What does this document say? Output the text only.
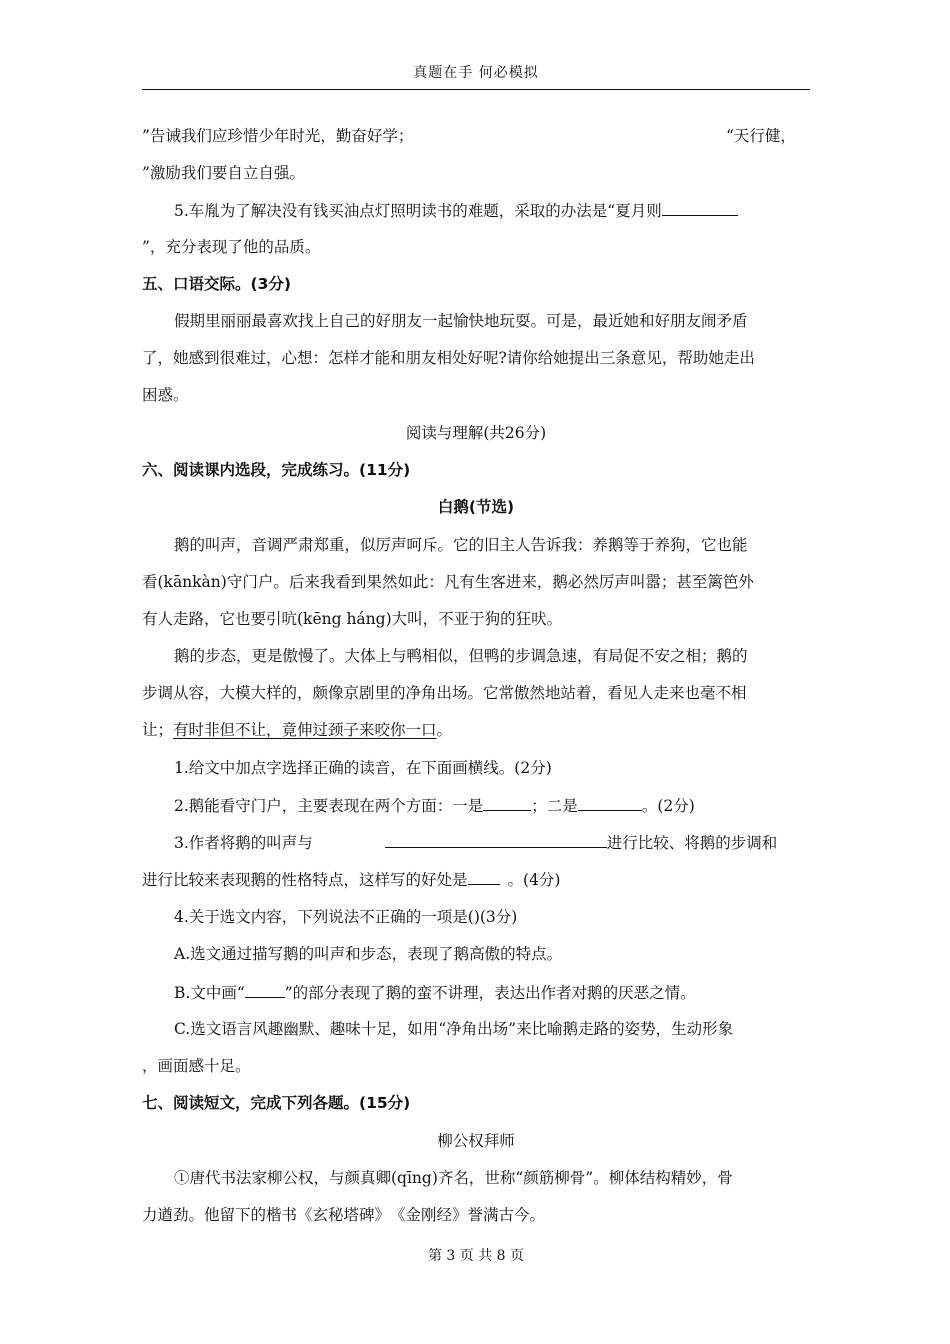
真题在手 何必模拟
”告诫我们应珍惜少年时光，勤奋好学；	“天行健，
”激励我们要自立自强。
5.车胤为了解决没有钱买油点灯照明读书的难题，采取的办法是“夏月则
”，充分表现了他的品质。
五、口语交际。(3分)
假期里丽丽最喜欢找上自己的好朋友一起愉快地玩耍。可是，最近她和好朋友闹矛盾
了，她感到很难过，心想：怎样才能和朋友相处好呢?请你给她提出三条意见，帮助她走出
困惑。
阅读与理解(共26分)
六、阅读课内选段，完成练习。(11分)
白鹅(节选)
鹅的叫声，音调严肃郑重，似厉声呵斥。它的旧主人告诉我：养鹅等于养狗，它也能
看(kānkàn)守门户。后来我看到果然如此：凡有生客进来，鹅必然厉声叫嚣；甚至篱笆外
有人走路，它也要引吭(kēng háng)大叫，不亚于狗的狂吠。
鹅的步态，更是傲慢了。大体上与鸭相似，但鸭的步调急速，有局促不安之相；鹅的
步调从容，大模大样的，颇像京剧里的净角出场。它常傲然地站着，看见人走来也毫不相
让；有时非但不让，竟伸过颈子来咬你一口。
1.给文中加点字选择正确的读音，在下面画横线。(2分)
2.鹅能看守门户，主要表现在两个方面：一是	；二是	。(2分)
3.作者将鹅的叫声与	进行比较、将鹅的步调和
进行比较来表现鹅的性格特点，这样写的好处是	。(4分)
4.关于选文内容，下列说法不正确的一项是()(3分)
A.选文通过描写鹅的叫声和步态，表现了鹅高傲的特点。
B.文中画“	”的部分表现了鹅的蛮不讲理，表达出作者对鹅的厌恶之情。
C.选文语言风趣幽默、趣味十足，如用“净角出场”来比喻鹅走路的姿势，生动形象
，画面感十足。
七、阅读短文，完成下列各题。(15分)
柳公权拜师
①唐代书法家柳公权，与颜真卿(qīng)齐名，世称“颜筋柳骨”。柳体结构精妙，骨
力遒劲。他留下的楷书《玄秘塔碑》　《金刚经》誉满古今。
第 3 页 共 8 页
